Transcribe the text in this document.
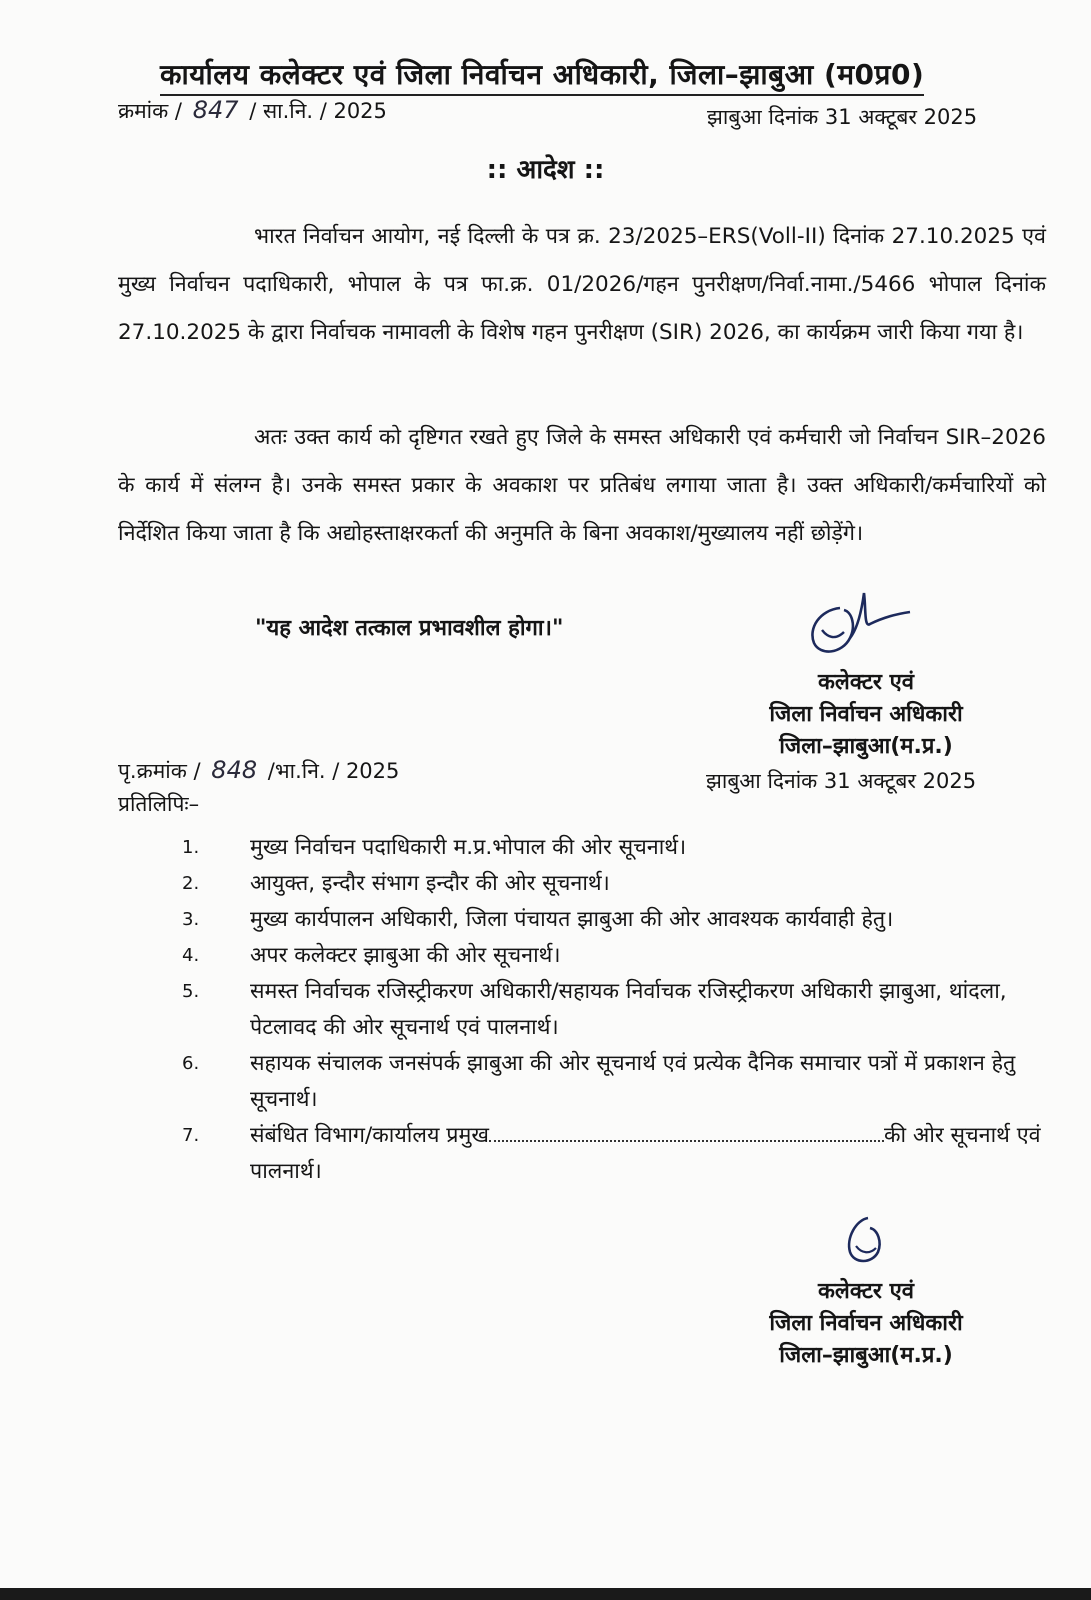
कार्यालय कलेक्टर एवं जिला निर्वाचन अधिकारी, जिला–झाबुआ (म0प्र0)
क्रमांक / 847 / सा.नि. / 2025	झाबुआ दिनांक 31 अक्टूबर 2025
:: आदेश ::

भारत निर्वाचन आयोग, नई दिल्ली के पत्र क्र. 23/2025–ERS(Voll-II) दिनांक 27.10.2025 एवं मुख्य निर्वाचन पदाधिकारी, भोपाल के पत्र फा.क्र. 01/2026/गहन पुनरीक्षण/निर्वा.नामा./5466 भोपाल दिनांक 27.10.2025 के द्वारा निर्वाचक नामावली के विशेष गहन पुनरीक्षण (SIR) 2026, का कार्यक्रम जारी किया गया है।

अतः उक्त कार्य को दृष्टिगत रखते हुए जिले के समस्त अधिकारी एवं कर्मचारी जो निर्वाचन SIR–2026 के कार्य में संलग्न है। उनके समस्त प्रकार के अवकाश पर प्रतिबंध लगाया जाता है। उक्त अधिकारी/कर्मचारियों को निर्देशित किया जाता है कि अद्योहस्ताक्षरकर्ता की अनुमति के बिना अवकाश/मुख्यालय नहीं छोड़ेंगे।

"यह आदेश तत्काल प्रभावशील होगा।"
कलेक्टर एवं
जिला निर्वाचन अधिकारी
जिला–झाबुआ(म.प्र.)
पृ.क्रमांक / 848 /भा.नि. / 2025	झाबुआ दिनांक 31 अक्टूबर 2025
प्रतिलिपिः–
1. मुख्य निर्वाचन पदाधिकारी म.प्र.भोपाल की ओर सूचनार्थ।
2. आयुक्त, इन्दौर संभाग इन्दौर की ओर सूचनार्थ।
3. मुख्य कार्यपालन अधिकारी, जिला पंचायत झाबुआ की ओर आवश्यक कार्यवाही हेतु।
4. अपर कलेक्टर झाबुआ की ओर सूचनार्थ।
5. समस्त निर्वाचक रजिस्ट्रीकरण अधिकारी/सहायक निर्वाचक रजिस्ट्रीकरण अधिकारी झाबुआ, थांदला, पेटलावद की ओर सूचनार्थ एवं पालनार्थ।
6. सहायक संचालक जनसंपर्क झाबुआ की ओर सूचनार्थ एवं प्रत्येक दैनिक समाचार पत्रों में प्रकाशन हेतु सूचनार्थ।
7. संबंधित विभाग/कार्यालय प्रमुख	की ओर सूचनार्थ एवं पालनार्थ।
कलेक्टर एवं
जिला निर्वाचन अधिकारी
जिला–झाबुआ(म.प्र.)
